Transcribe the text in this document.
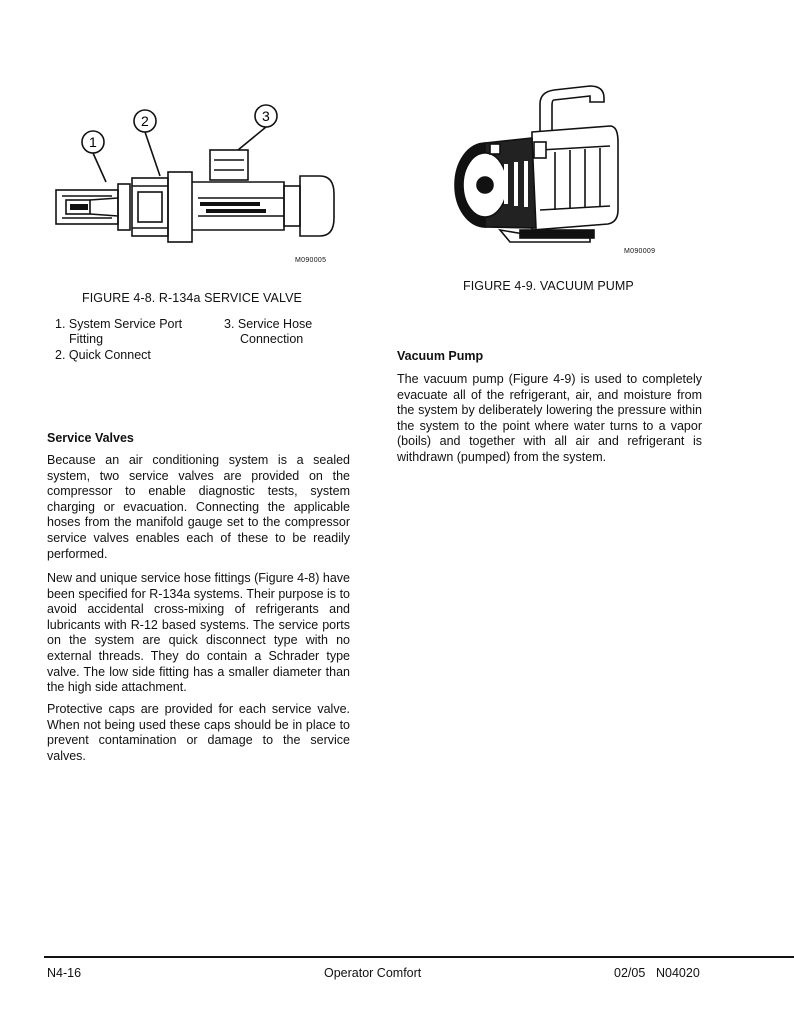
1
2	3
M090005
FIGURE 4-8. R-134a SERVICE VALVE
1. System Service Port
Fitting
2. Quick Connect
3. Service Hose
Connection
M090009
FIGURE 4-9. VACUUM PUMP
Vacuum Pump
The vacuum pump (Figure 4-9) is used to completely evacuate all of the refrigerant, air, and moisture from the system by deliberately lowering the pressure within the system to the point where water turns to a vapor (boils) and together with all air and refrigerant is withdrawn (pumped) from the system.
Service Valves
Because an air conditioning system is a sealed system, two service valves are provided on the compressor to enable diagnostic tests, system charging or evacuation. Connecting the applicable hoses from the manifold gauge set to the compressor service valves enables each of these to be readily performed.
New and unique service hose fittings (Figure 4-8) have been specified for R-134a systems. Their purpose is to avoid accidental cross-mixing of refrigerants and lubricants with R-12 based systems. The service ports on the system are quick disconnect type with no external threads. They do contain a Schrader type valve. The low side fitting has a smaller diameter than the high side attachment.
Protective caps are provided for each service valve. When not being used these caps should be in place to prevent contamination or damage to the service valves.
N4-16	Operator Comfort	02/05 N04020
